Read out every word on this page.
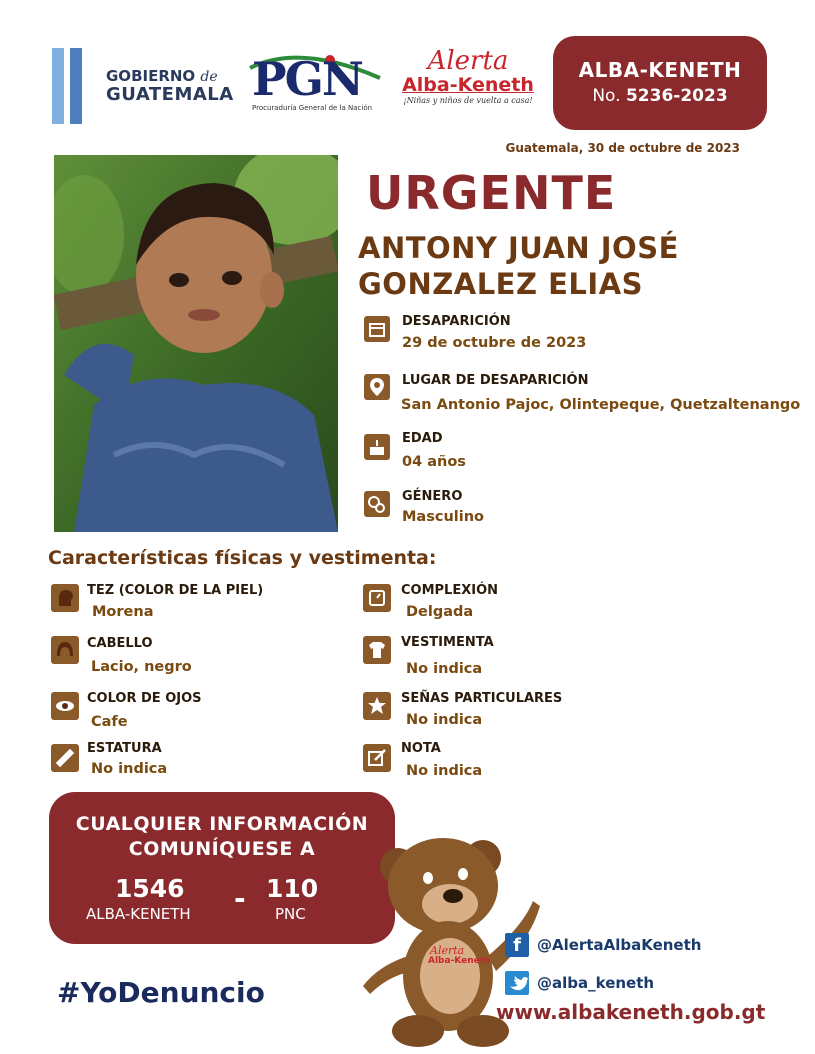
GOBIERNO de
GUATEMALA PGN
Procuraduría General de la Nación
Alerta
Alba-Keneth
¡Niñas y niños de vuelta a casa!
ALBA-KENETH
No. 5236-2023
Guatemala, 30 de octubre de 2023
URGENTE
ANTONY JUAN JOSÉ
GONZALEZ ELIAS
DESAPARICIÓN
29 de octubre de 2023
LUGAR DE DESAPARICIÓN
San Antonio Pajoc, Olintepeque, Quetzaltenango
EDAD
04 años
GÉNERO
Masculino
Características físicas y vestimenta:
TEZ (COLOR DE LA PIEL)
Morena
CABELLO
Lacio, negro
COLOR DE OJOS
Cafe
ESTATURA
No indica
COMPLEXIÓN
Delgada
VESTIMENTA
No indica
SEÑAS PARTICULARES
No indica
NOTA
No indica
CUALQUIER INFORMACIÓN
COMUNÍQUESE A
1546
ALBA-KENETH - 110
PNC
#YoDenuncio
Alerta
Alba-Keneth
f	@AlertaAlbaKeneth
@alba_keneth
www.albakeneth.gob.gt
